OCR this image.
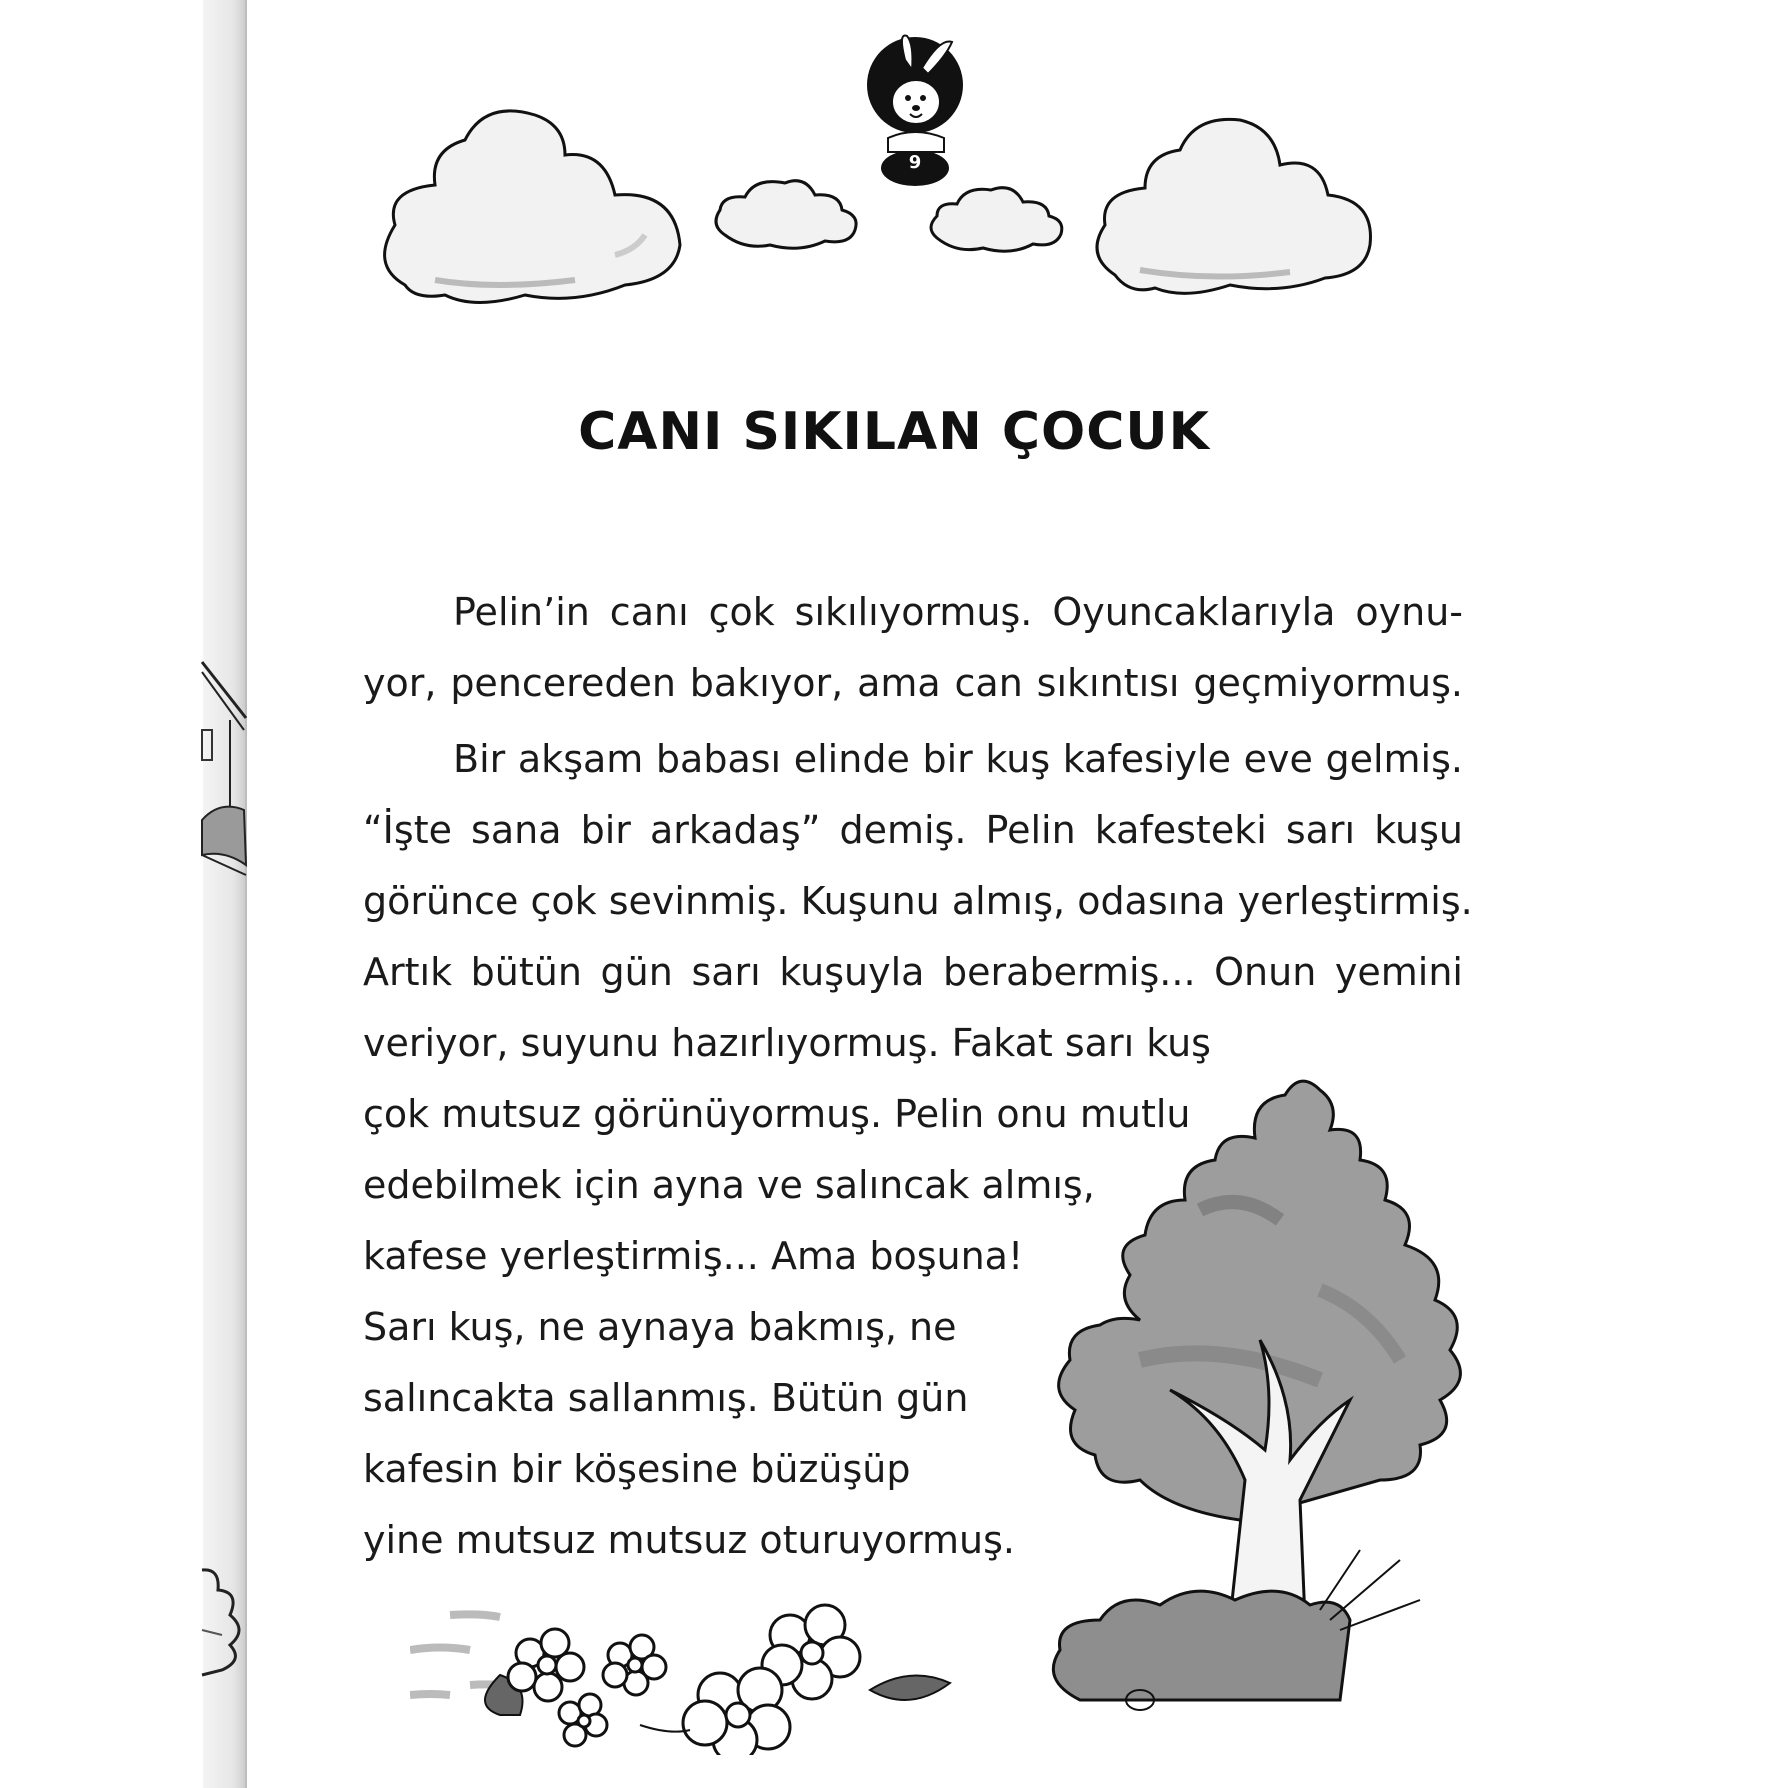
9
CANI SIKILAN ÇOCUK
Pelin’in canı çok sıkılıyormuş. Oyuncaklarıyla oynu-
yor, pencereden bakıyor, ama can sıkıntısı geçmiyormuş.
Bir akşam babası elinde bir kuş kafesiyle eve gelmiş.
“İşte sana bir arkadaş” demiş. Pelin kafesteki sarı kuşu
görünce çok sevinmiş. Kuşunu almış, odasına yerleştirmiş.
Artık bütün gün sarı kuşuyla berabermiş... Onun yemini
veriyor, suyunu hazırlıyormuş. Fakat sarı kuş
çok mutsuz görünüyormuş. Pelin onu mutlu
edebilmek için ayna ve salıncak almış,
kafese yerleştirmiş... Ama boşuna!
Sarı kuş, ne aynaya bakmış, ne
salıncakta sallanmış. Bütün gün
kafesin bir köşesine büzüşüp
yine mutsuz mutsuz oturuyormuş.
